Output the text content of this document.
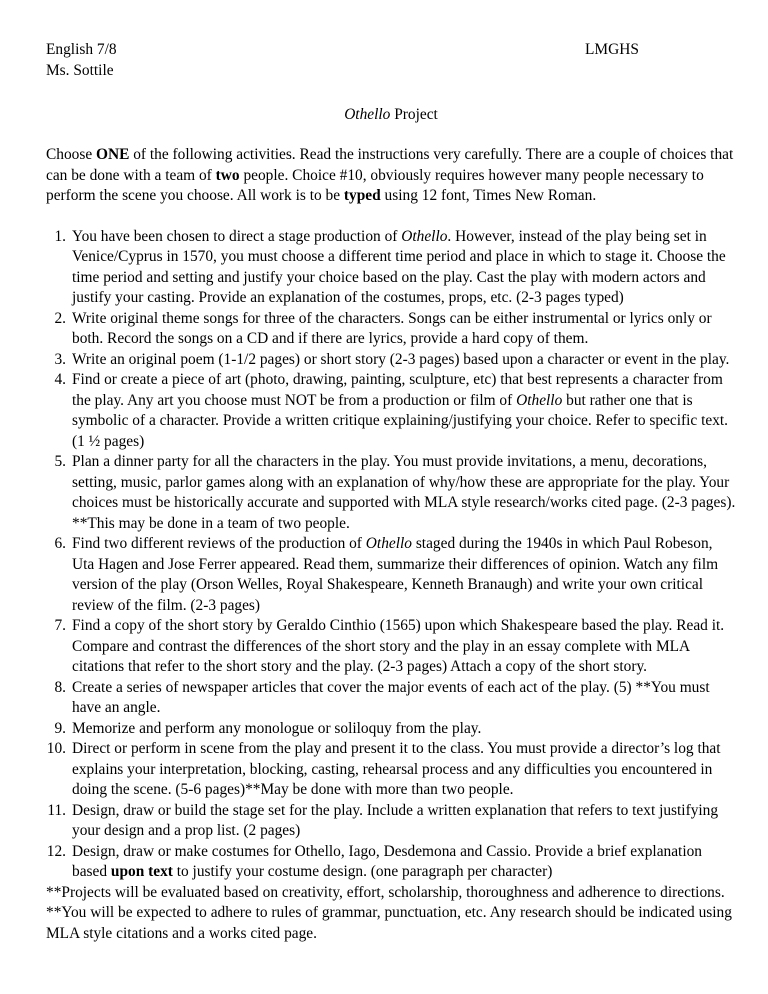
English 7/8
Ms. Sottile
LMGHS
Othello Project
Choose ONE of the following activities. Read the instructions very carefully. There are a couple of choices that can be done with a team of two people. Choice #10, obviously requires however many people necessary to perform the scene you choose. All work is to be typed using 12 font, Times New Roman.
1. You have been chosen to direct a stage production of Othello. However, instead of the play being set in Venice/Cyprus in 1570, you must choose a different time period and place in which to stage it. Choose the time period and setting and justify your choice based on the play. Cast the play with modern actors and justify your casting. Provide an explanation of the costumes, props, etc. (2-3 pages typed)
2. Write original theme songs for three of the characters. Songs can be either instrumental or lyrics only or both. Record the songs on a CD and if there are lyrics, provide a hard copy of them.
3. Write an original poem (1-1/2 pages) or short story (2-3 pages) based upon a character or event in the play.
4. Find or create a piece of art (photo, drawing, painting, sculpture, etc) that best represents a character from the play. Any art you choose must NOT be from a production or film of Othello but rather one that is symbolic of a character. Provide a written critique explaining/justifying your choice. Refer to specific text. (1 ½ pages)
5. Plan a dinner party for all the characters in the play. You must provide invitations, a menu, decorations, setting, music, parlor games along with an explanation of why/how these are appropriate for the play. Your choices must be historically accurate and supported with MLA style research/works cited page. (2-3 pages). **This may be done in a team of two people.
6. Find two different reviews of the production of Othello staged during the 1940s in which Paul Robeson, Uta Hagen and Jose Ferrer appeared. Read them, summarize their differences of opinion. Watch any film version of the play (Orson Welles, Royal Shakespeare, Kenneth Branaugh) and write your own critical review of the film. (2-3 pages)
7. Find a copy of the short story by Geraldo Cinthio (1565) upon which Shakespeare based the play. Read it. Compare and contrast the differences of the short story and the play in an essay complete with MLA citations that refer to the short story and the play. (2-3 pages) Attach a copy of the short story.
8. Create a series of newspaper articles that cover the major events of each act of the play. (5) **You must have an angle.
9. Memorize and perform any monologue or soliloquy from the play.
10. Direct or perform in scene from the play and present it to the class. You must provide a director’s log that explains your interpretation, blocking, casting, rehearsal process and any difficulties you encountered in doing the scene. (5-6 pages)**May be done with more than two people.
11. Design, draw or build the stage set for the play. Include a written explanation that refers to text justifying your design and a prop list. (2 pages)
12. Design, draw or make costumes for Othello, Iago, Desdemona and Cassio. Provide a brief explanation based upon text to justify your costume design. (one paragraph per character)
**Projects will be evaluated based on creativity, effort, scholarship, thoroughness and adherence to directions.
**You will be expected to adhere to rules of grammar, punctuation, etc. Any research should be indicated using MLA style citations and a works cited page.
